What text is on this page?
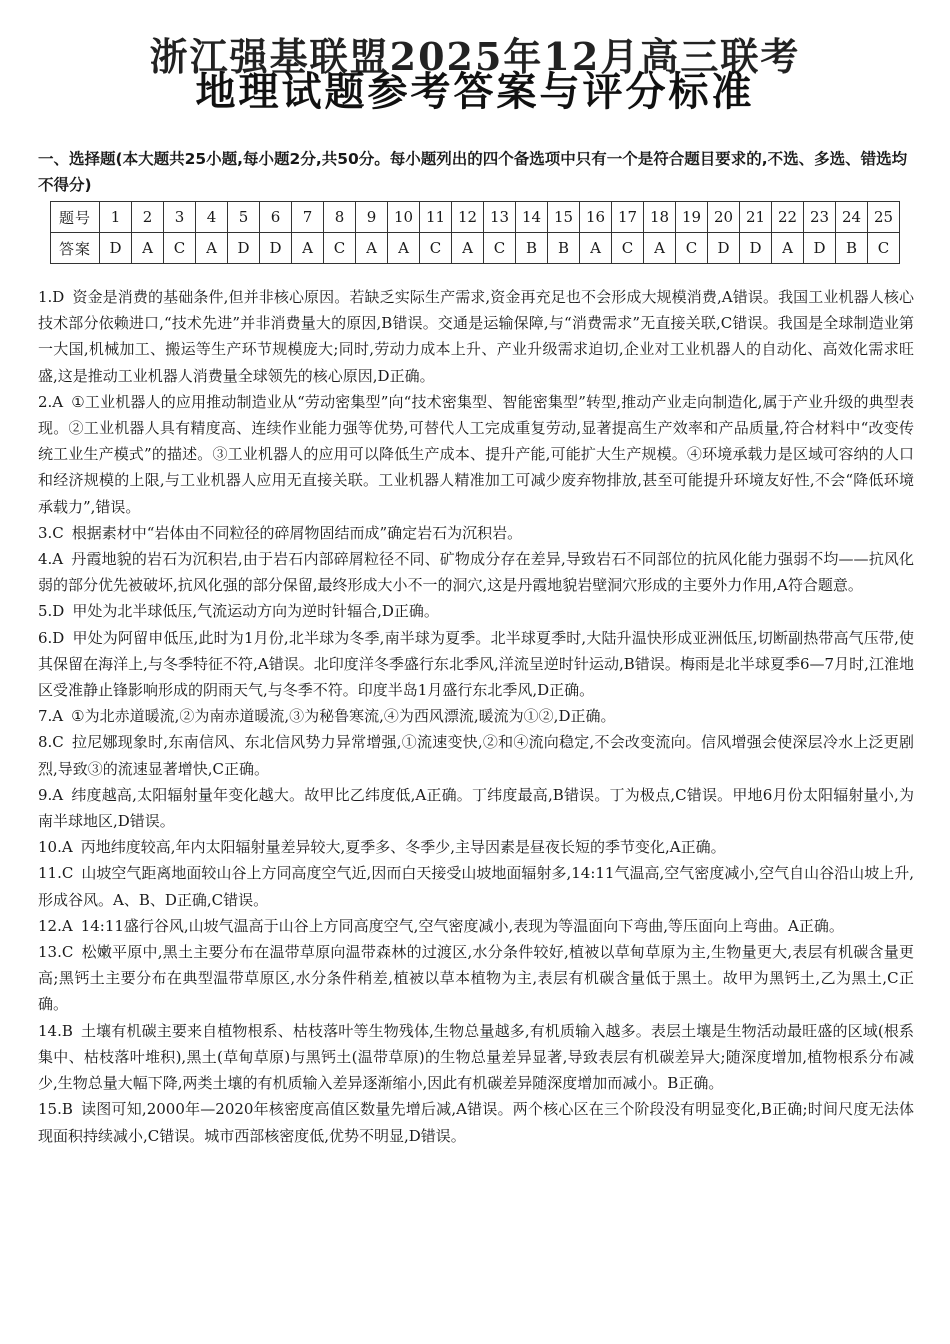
浙江强基联盟2025年12月高三联考
地理试题参考答案与评分标准
一、选择题(本大题共25小题,每小题2分,共50分。每小题列出的四个备选项中只有一个是符合题目要求的,不选、多选、错选均不得分)
题号	1	2	3	4	5	6	7	8	9	10	11	12	13	14	15	16	17	18	19	20	21	22	23	24	25
答案	D	A	C	A	D	D	A	C	A	A	C	A	C	B	B	A	C	A	C	D	D	A	D	B	C

1.D 资金是消费的基础条件,但并非核心原因。若缺乏实际生产需求,资金再充足也不会形成大规模消费,A错误。我国工业机器人核心技术部分依赖进口,“技术先进”并非消费量大的原因,B错误。交通是运输保障,与“消费需求”无直接关联,C错误。我国是全球制造业第一大国,机械加工、搬运等生产环节规模庞大;同时,劳动力成本上升、产业升级需求迫切,企业对工业机器人的自动化、高效化需求旺盛,这是推动工业机器人消费量全球领先的核心原因,D正确。

2.A ①工业机器人的应用推动制造业从“劳动密集型”向“技术密集型、智能密集型”转型,推动产业走向制造化,属于产业升级的典型表现。②工业机器人具有精度高、连续作业能力强等优势,可替代人工完成重复劳动,显著提高生产效率和产品质量,符合材料中“改变传统工业生产模式”的描述。③工业机器人的应用可以降低生产成本、提升产能,可能扩大生产规模。④环境承载力是区域可容纳的人口和经济规模的上限,与工业机器人应用无直接关联。工业机器人精准加工可减少废弃物排放,甚至可能提升环境友好性,不会“降低环境承载力”,错误。

3.C 根据素材中“岩体由不同粒径的碎屑物固结而成”确定岩石为沉积岩。

4.A 丹霞地貌的岩石为沉积岩,由于岩石内部碎屑粒径不同、矿物成分存在差异,导致岩石不同部位的抗风化能力强弱不均——抗风化弱的部分优先被破坏,抗风化强的部分保留,最终形成大小不一的洞穴,这是丹霞地貌岩壁洞穴形成的主要外力作用,A符合题意。

5.D 甲处为北半球低压,气流运动方向为逆时针辐合,D正确。

6.D 甲处为阿留申低压,此时为1月份,北半球为冬季,南半球为夏季。北半球夏季时,大陆升温快形成亚洲低压,切断副热带高气压带,使其保留在海洋上,与冬季特征不符,A错误。北印度洋冬季盛行东北季风,洋流呈逆时针运动,B错误。梅雨是北半球夏季6—7月时,江淮地区受准静止锋影响形成的阴雨天气,与冬季不符。印度半岛1月盛行东北季风,D正确。

7.A ①为北赤道暖流,②为南赤道暖流,③为秘鲁寒流,④为西风漂流,暖流为①②,D正确。

8.C 拉尼娜现象时,东南信风、东北信风势力异常增强,①流速变快,②和④流向稳定,不会改变流向。信风增强会使深层冷水上泛更剧烈,导致③的流速显著增快,C正确。

9.A 纬度越高,太阳辐射量年变化越大。故甲比乙纬度低,A正确。丁纬度最高,B错误。丁为极点,C错误。甲地6月份太阳辐射量小,为南半球地区,D错误。

10.A 丙地纬度较高,年内太阳辐射量差异较大,夏季多、冬季少,主导因素是昼夜长短的季节变化,A正确。

11.C 山坡空气距离地面较山谷上方同高度空气近,因而白天接受山坡地面辐射多,14:11气温高,空气密度减小,空气自山谷沿山坡上升,形成谷风。A、B、D正确,C错误。

12.A 14:11盛行谷风,山坡气温高于山谷上方同高度空气,空气密度减小,表现为等温面向下弯曲,等压面向上弯曲。A正确。

13.C 松嫩平原中,黑土主要分布在温带草原向温带森林的过渡区,水分条件较好,植被以草甸草原为主,生物量更大,表层有机碳含量更高;黑钙土主要分布在典型温带草原区,水分条件稍差,植被以草本植物为主,表层有机碳含量低于黑土。故甲为黑钙土,乙为黑土,C正确。

14.B 土壤有机碳主要来自植物根系、枯枝落叶等生物残体,生物总量越多,有机质输入越多。表层土壤是生物活动最旺盛的区域(根系集中、枯枝落叶堆积),黑土(草甸草原)与黑钙土(温带草原)的生物总量差异显著,导致表层有机碳差异大;随深度增加,植物根系分布减少,生物总量大幅下降,两类土壤的有机质输入差异逐渐缩小,因此有机碳差异随深度增加而减小。B正确。

15.B 读图可知,2000年—2020年核密度高值区数量先增后减,A错误。两个核心区在三个阶段没有明显变化,B正确;时间尺度无法体现面积持续减小,C错误。城市西部核密度低,优势不明显,D错误。
